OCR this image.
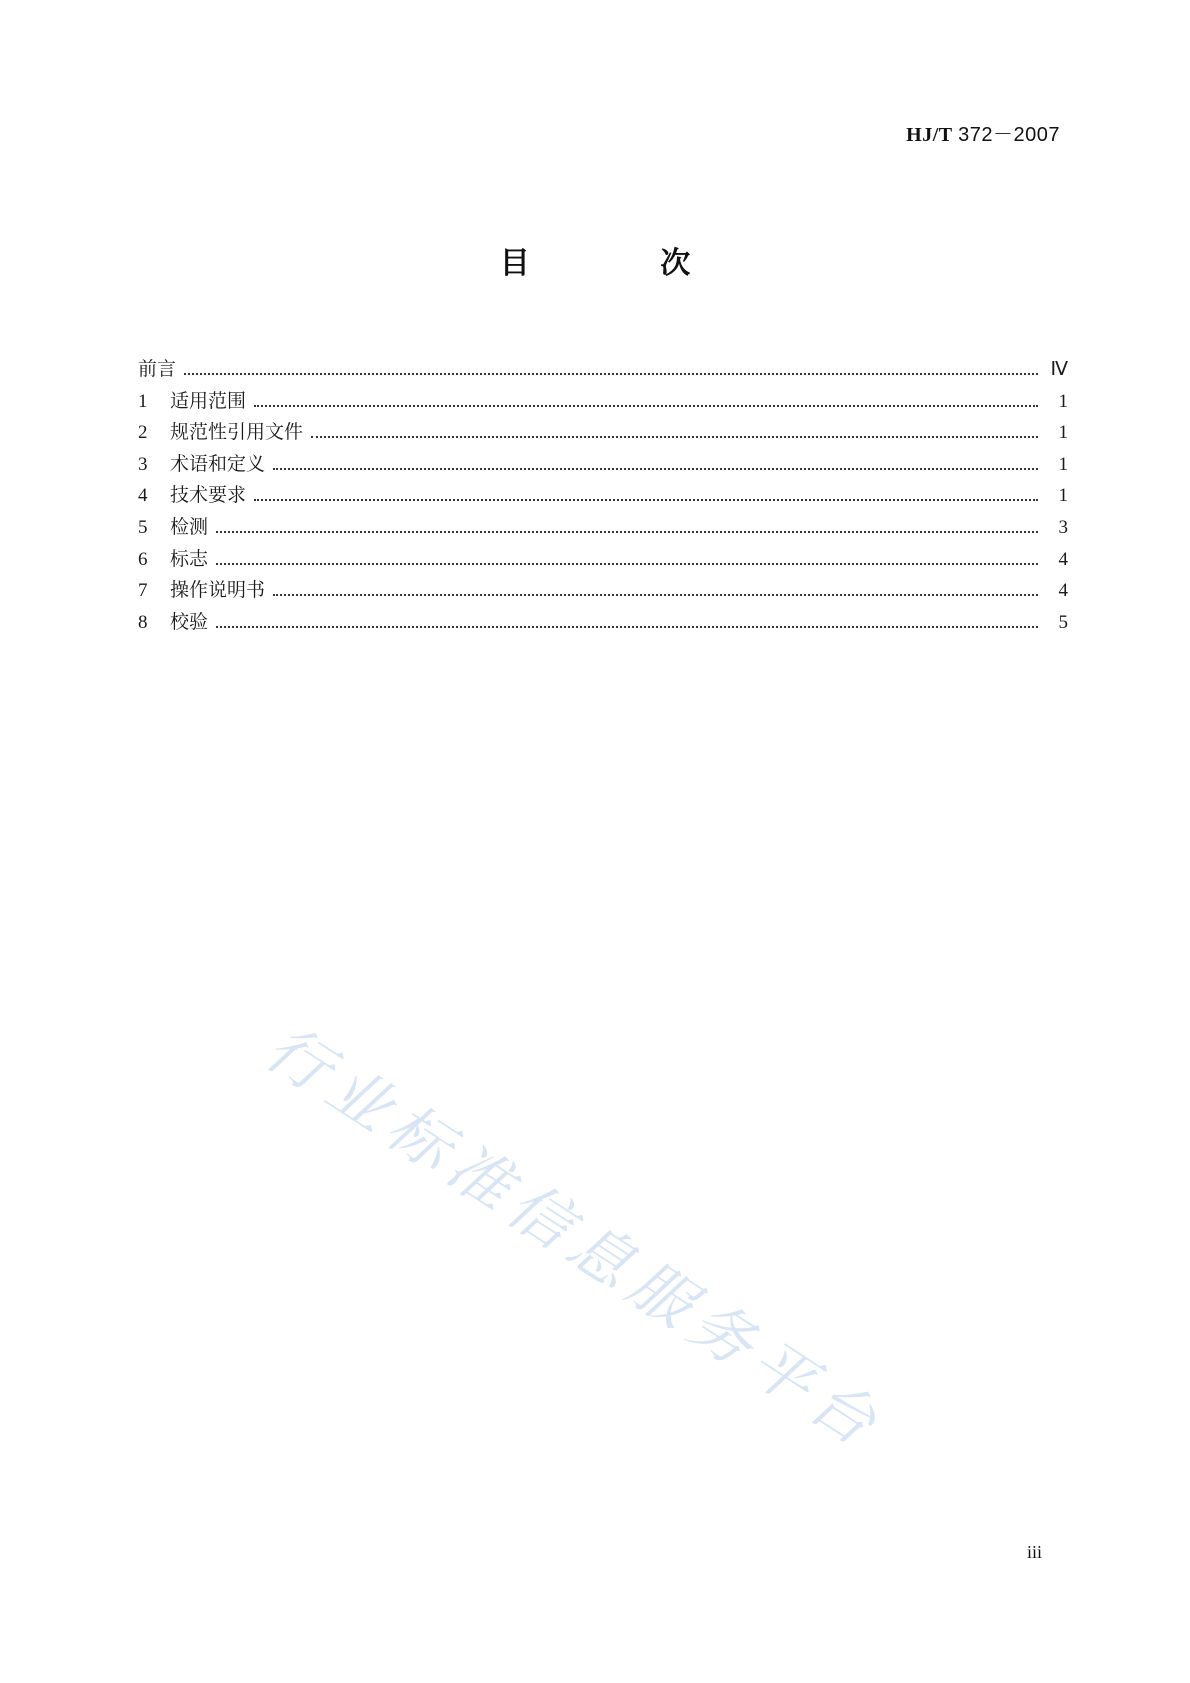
HJ/T 372－2007
目 次
前言	Ⅳ
1	适用范围	1
2	规范性引用文件	1
3	术语和定义	1
4	技术要求	1
5	检测	3
6	标志	4
7	操作说明书	4
8	校验	5
行业标准信息服务平台
iii
